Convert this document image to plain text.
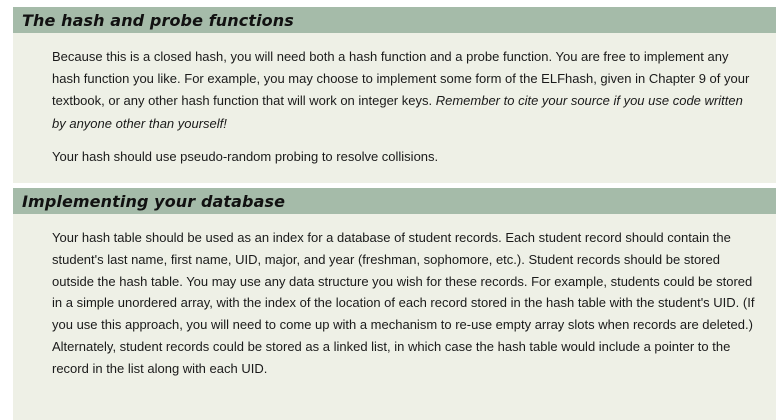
The hash and probe functions

Because this is a closed hash, you will need both a hash function and a probe function. You are free to implement any hash function you like. For example, you may choose to implement some form of the ELFhash, given in Chapter 9 of your textbook, or any other hash function that will work on integer keys. Remember to cite your source if you use code written by anyone other than yourself!

Your hash should use pseudo-random probing to resolve collisions.

Implementing your database

Your hash table should be used as an index for a database of student records. Each student record should contain the student's last name, first name, UID, major, and year (freshman, sophomore, etc.). Student records should be stored outside the hash table. You may use any data structure you wish for these records. For example, students could be stored in a simple unordered array, with the index of the location of each record stored in the hash table with the student's UID. (If you use this approach, you will need to come up with a mechanism to re-use empty array slots when records are deleted.) Alternately, student records could be stored as a linked list, in which case the hash table would include a pointer to the record in the list along with each UID.
